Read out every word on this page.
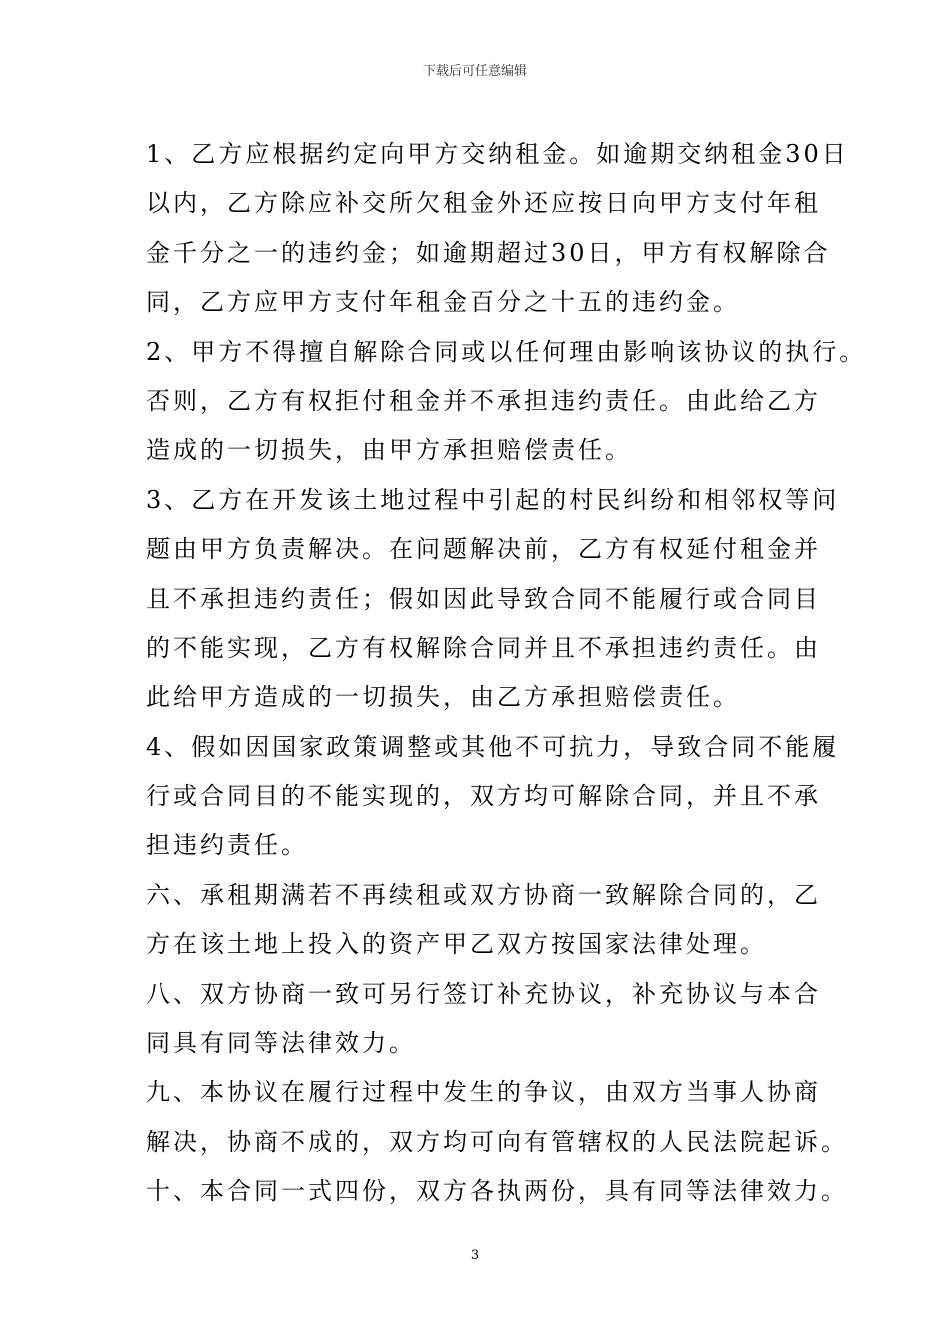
下载后可任意编辑
1、乙方应根据约定向甲方交纳租金。如逾期交纳租金30日
以内，乙方除应补交所欠租金外还应按日向甲方支付年租
金千分之一的违约金；如逾期超过30日，甲方有权解除合
同，乙方应甲方支付年租金百分之十五的违约金。
2、甲方不得擅自解除合同或以任何理由影响该协议的执行。
否则，乙方有权拒付租金并不承担违约责任。由此给乙方
造成的一切损失，由甲方承担赔偿责任。
3、乙方在开发该土地过程中引起的村民纠纷和相邻权等问
题由甲方负责解决。在问题解决前，乙方有权延付租金并
且不承担违约责任；假如因此导致合同不能履行或合同目
的不能实现，乙方有权解除合同并且不承担违约责任。由
此给甲方造成的一切损失，由乙方承担赔偿责任。
4、假如因国家政策调整或其他不可抗力，导致合同不能履
行或合同目的不能实现的，双方均可解除合同，并且不承
担违约责任。
六、承租期满若不再续租或双方协商一致解除合同的，乙
方在该土地上投入的资产甲乙双方按国家法律处理。
八、双方协商一致可另行签订补充协议，补充协议与本合
同具有同等法律效力。
九、本协议在履行过程中发生的争议，由双方当事人协商
解决，协商不成的，双方均可向有管辖权的人民法院起诉。
十、本合同一式四份，双方各执两份，具有同等法律效力。
3
